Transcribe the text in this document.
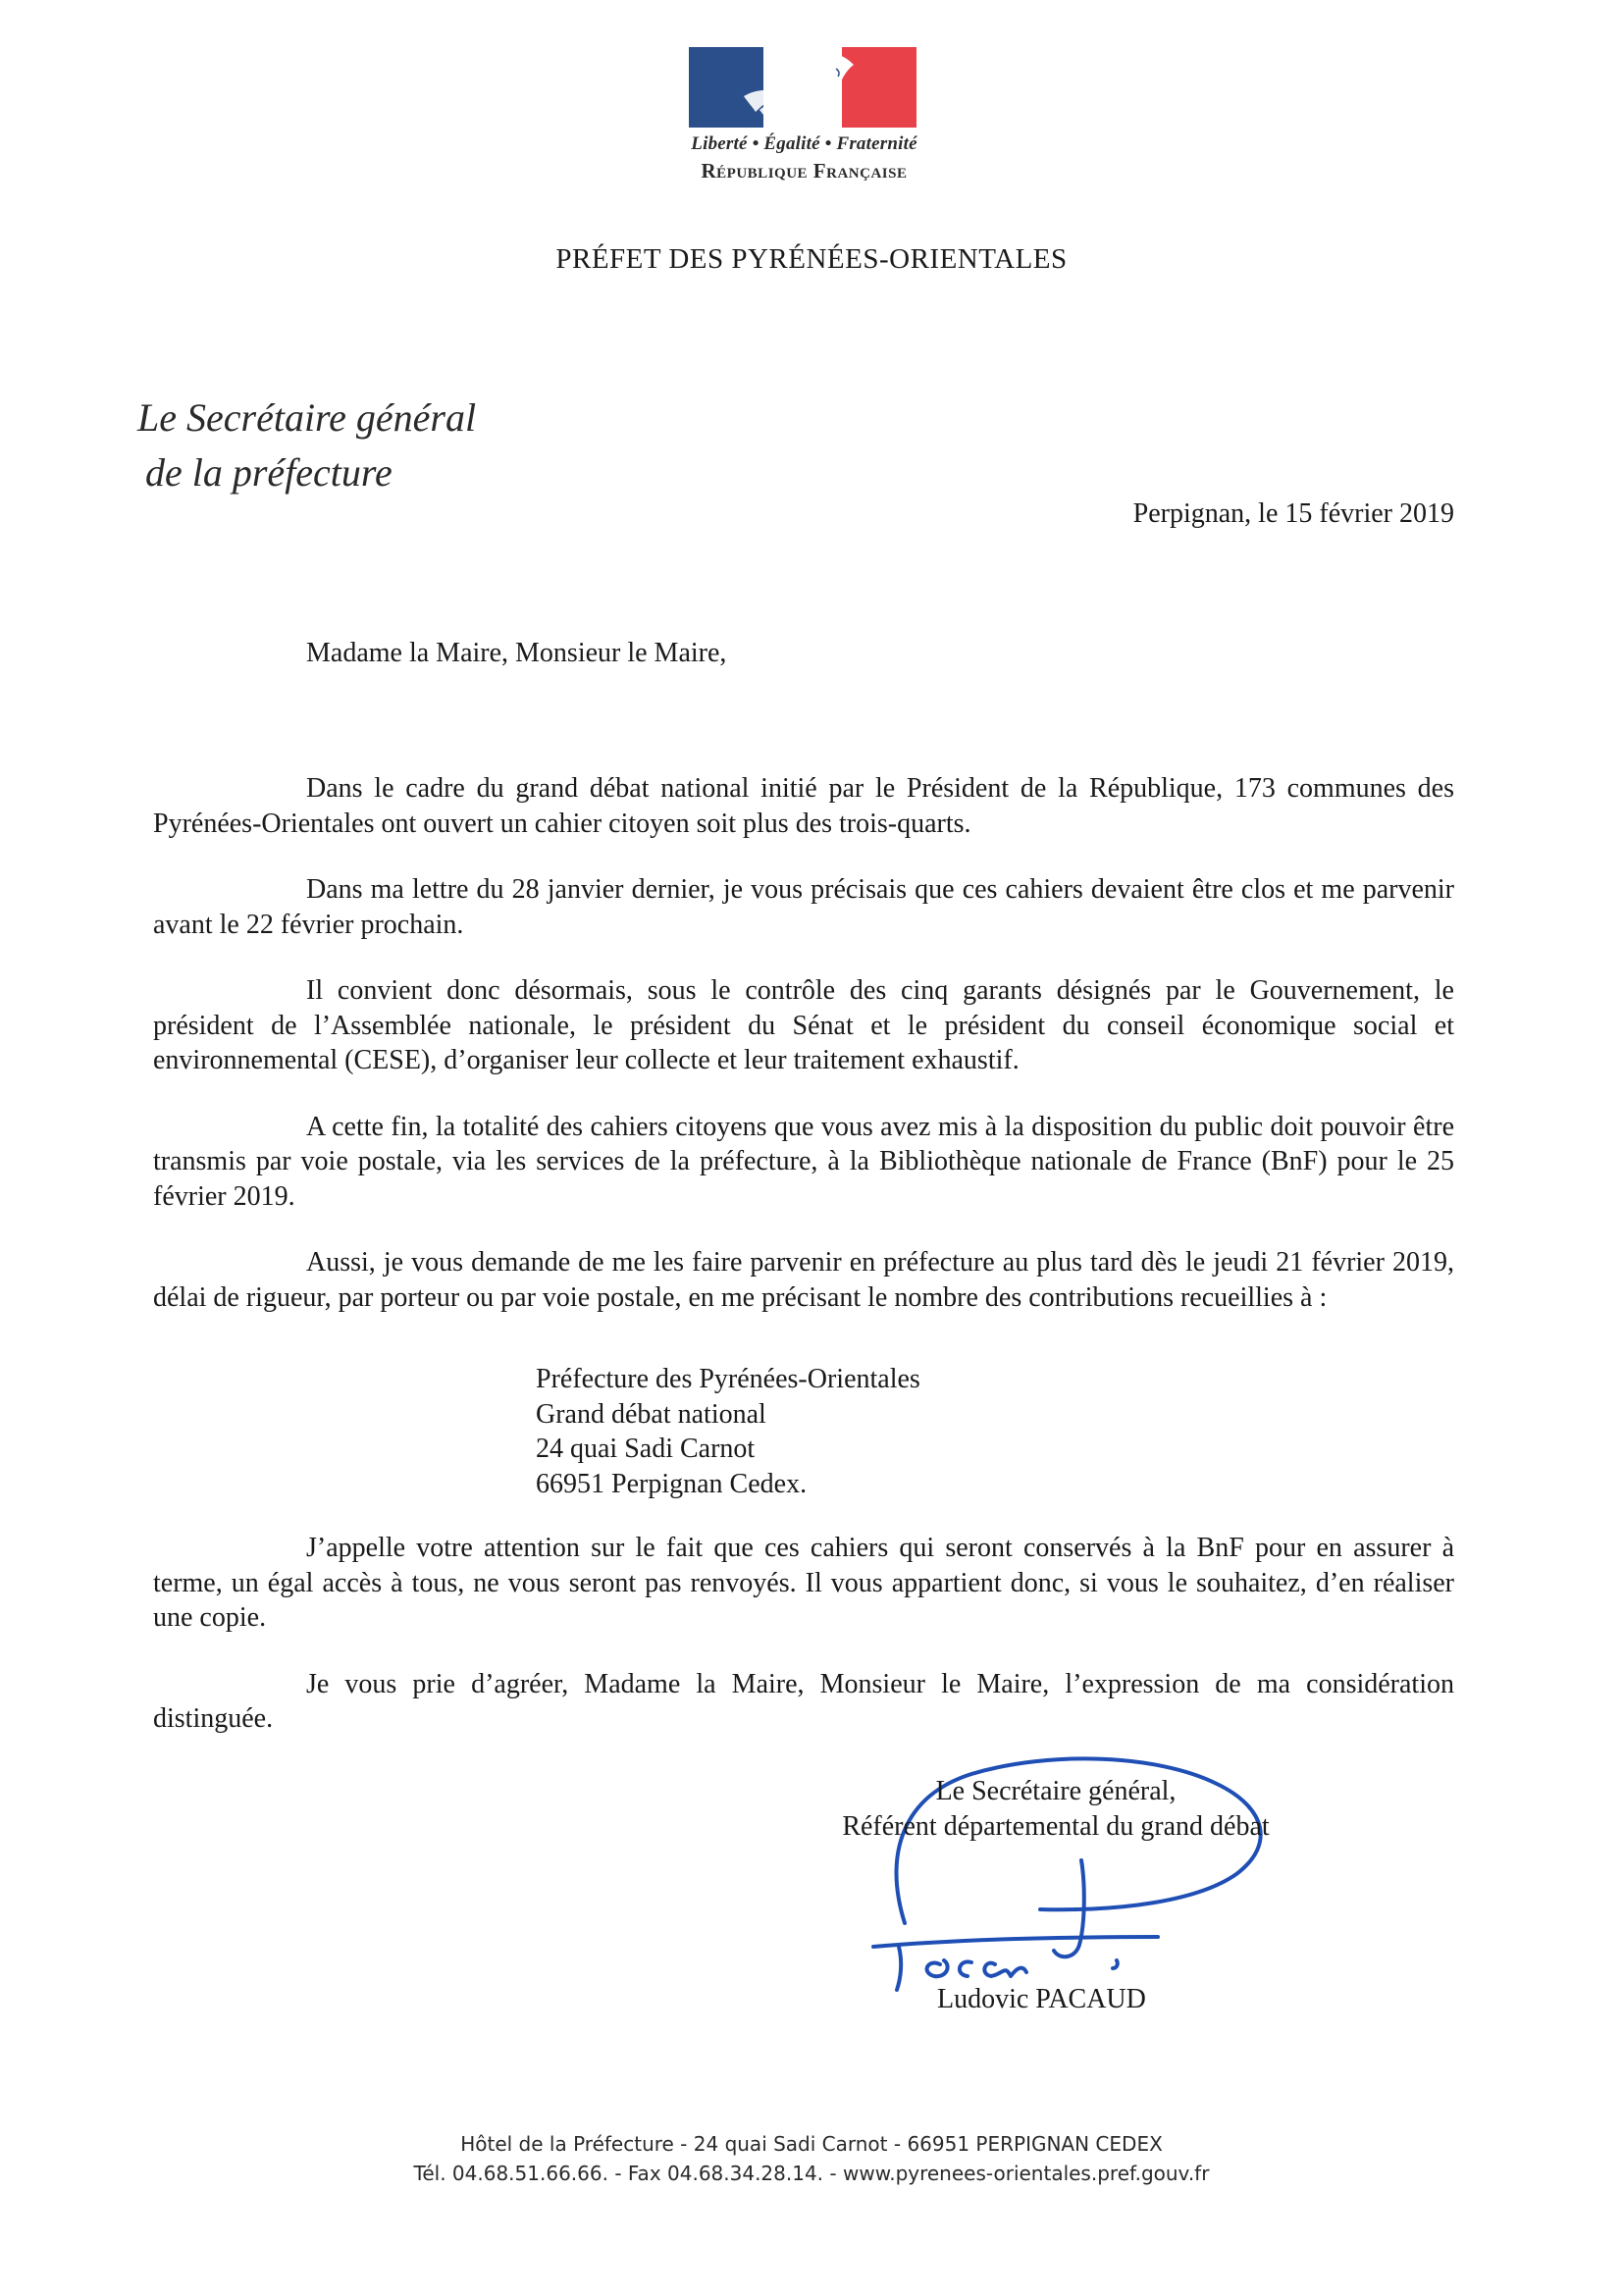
Liberté • Égalité • Fraternité
République Française
PRÉFET DES PYRÉNÉES-ORIENTALES
Le Secrétaire général
de la préfecture
Perpignan, le 15 février 2019
Madame la Maire, Monsieur le Maire,

Dans le cadre du grand débat national initié par le Président de la République, 173 communes des Pyrénées-Orientales ont ouvert un cahier citoyen soit plus des trois-quarts.

Dans ma lettre du 28 janvier dernier, je vous précisais que ces cahiers devaient être clos et me parvenir avant le 22 février prochain.

Il convient donc désormais, sous le contrôle des cinq garants désignés par le Gouvernement, le président de l’Assemblée nationale, le président du Sénat et le président du conseil économique social et environnemental (CESE), d’organiser leur collecte et leur traitement exhaustif.

A cette fin, la totalité des cahiers citoyens que vous avez mis à la disposition du public doit pouvoir être transmis par voie postale, via les services de la préfecture, à la Bibliothèque nationale de France (BnF) pour le 25 février 2019.

Aussi, je vous demande de me les faire parvenir en préfecture au plus tard dès le jeudi 21 février 2019, délai de rigueur, par porteur ou par voie postale, en me précisant le nombre des contributions recueillies à :

Préfecture des Pyrénées-Orientales
Grand débat national
24 quai Sadi Carnot
66951 Perpignan Cedex.

J’appelle votre attention sur le fait que ces cahiers qui seront conservés à la BnF pour en assurer à terme, un égal accès à tous, ne vous seront pas renvoyés. Il vous appartient donc, si vous le souhaitez, d’en réaliser une copie.

Je vous prie d’agréer, Madame la Maire, Monsieur le Maire, l’expression de ma considération distinguée.

Le Secrétaire général,
Référent départemental du grand débat
Ludovic PACAUD
Hôtel de la Préfecture - 24 quai Sadi Carnot - 66951 PERPIGNAN CEDEX
Tél. 04.68.51.66.66. - Fax 04.68.34.28.14. - www.pyrenees-orientales.pref.gouv.fr
